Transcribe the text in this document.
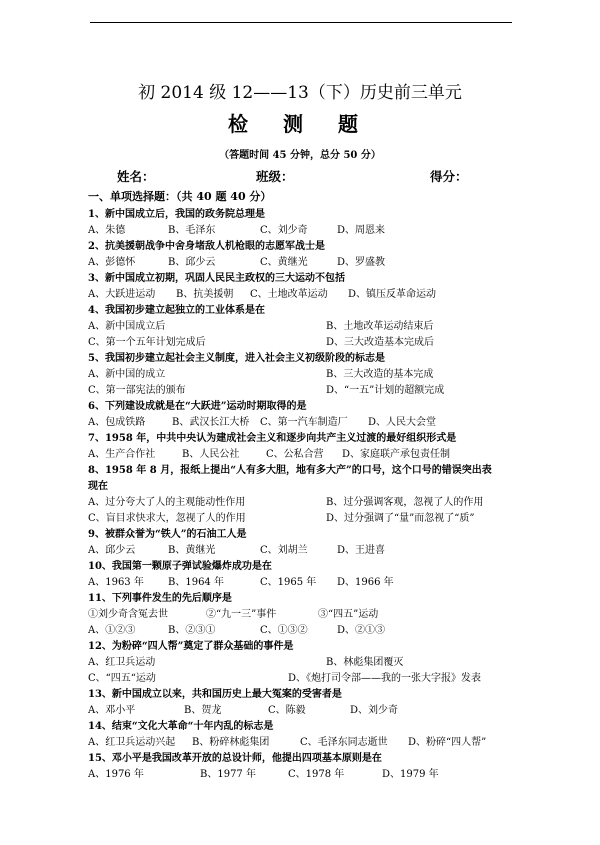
初 2014 级 12——13（下）历史前三单元
检 测 题
（答题时间 45 分钟，总分 50 分）
姓名：	班级：	得分：
一、单项选择题：（共 40 题 40 分）
1、新中国成立后，我国的政务院总理是
A、朱德	B、毛泽东	C、刘少奇	D、周恩来
2、抗美援朝战争中舍身堵敌人机枪眼的志愿军战士是
A、彭德怀	B、邱少云	C、黄继光	D、罗盛教
3、新中国成立初期，巩固人民民主政权的三大运动不包括
A、大跃进运动 B、抗美援朝 C、土地改革运动 D、镇压反革命运动
4、我国初步建立起独立的工业体系是在
A、新中国成立后	B、土地改革运动结束后
C、第一个五年计划完成后	D、三大改造基本完成后
5、我国初步建立起社会主义制度，进入社会主义初级阶段的标志是
A、新中国的成立	B、三大改造的基本完成
C、第一部宪法的颁布	D、“一五”计划的超额完成
6、下列建设成就是在“大跃进”运动时期取得的是
A、包成铁路	B、武汉长江大桥 C、第一汽车制造厂 D、人民大会堂
7、1958 年，中共中央认为建成社会主义和逐步向共产主义过渡的最好组织形式是
A、生产合作社	B、人民公社	C、公私合营 D、家庭联产承包责任制
8、1958 年 8 月，报纸上提出“人有多大胆，地有多大产”的口号，这个口号的错误突出表
现在
A、过分夸大了人的主观能动性作用	B、过分强调客观，忽视了人的作用
C、盲目求快求大，忽视了人的作用	D、过分强调了“量”而忽视了“质”
9、被群众誉为“铁人”的石油工人是
A、邱少云	B、黄继光	C、刘胡兰	D、王进喜
10、我国第一颗原子弹试验爆炸成功是在
A、1963 年 B、1964 年	C、1965 年 D、1966 年
11、下列事件发生的先后顺序是
①刘少奇含冤去世	②“九一三”事件	③“四五”运动
A、①②③	B、②③①	C、①③②	D、②①③
12、为粉碎“四人帮”奠定了群众基础的事件是
A、红卫兵运动	B、林彪集团覆灭
C、“四五“运动	D、《炮打司令部——我的一张大字报》发表
13、新中国成立以来，共和国历史上最大冤案的受害者是
A、邓小平	B、贺龙	C、陈毅	D、刘少奇
14、结束“文化大革命“十年内乱的标志是
A、红卫兵运动兴起 B、粉碎林彪集团	C、毛泽东同志逝世 D、粉碎“四人帮”
15、邓小平是我国改革开放的总设计师，他提出四项基本原则是在
A、1976 年	B、1977 年	C、1978 年	D、1979 年
